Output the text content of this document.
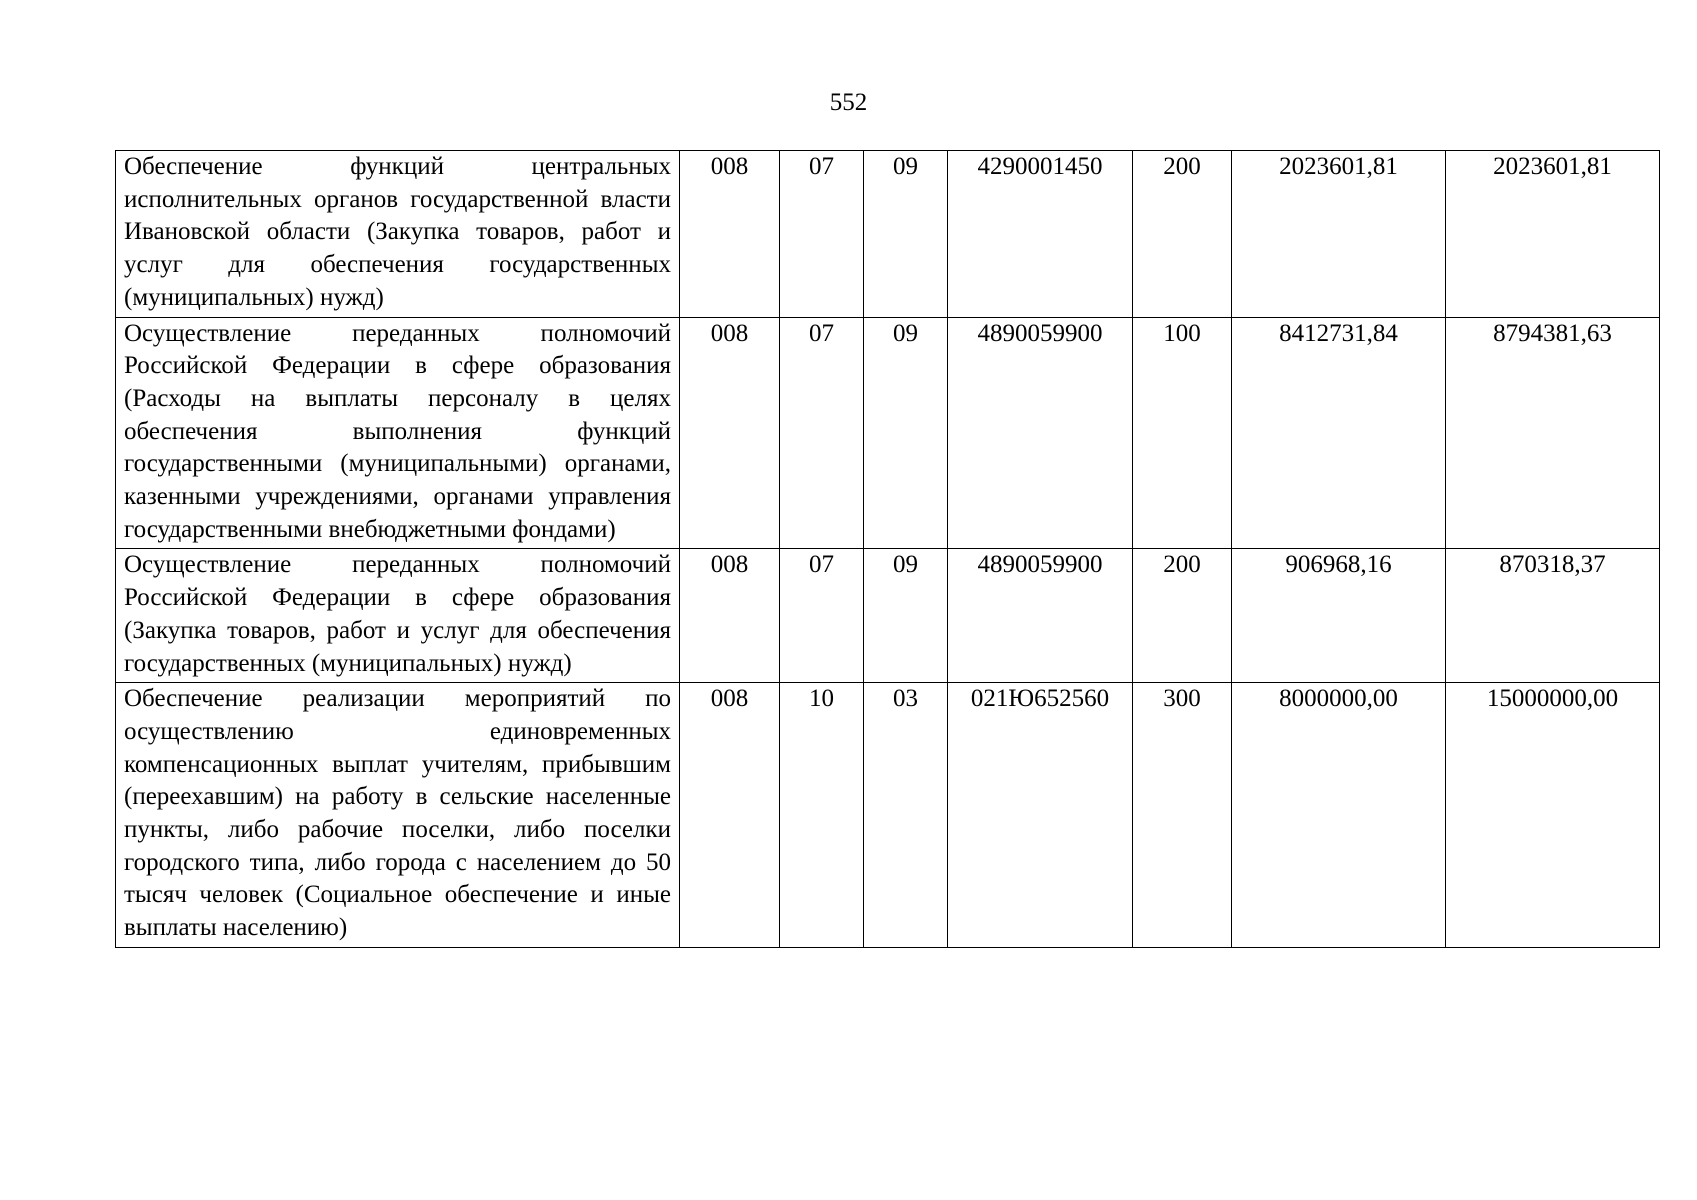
552
Обеспечение функций центральных исполнительных органов государственной власти Ивановской области (Закупка товаров, работ и услуг для обеспечения государственных (муниципальных) нужд)	008	07	09	4290001450	200	2023601,81	2023601,81
Осуществление переданных полномочий Российской Федерации в сфере образования (Расходы на выплаты персоналу в целях обеспечения выполнения функций государственными (муниципальными) органами, казенными учреждениями, органами управления государственными внебюджетными фондами)	008	07	09	4890059900	100	8412731,84	8794381,63
Осуществление переданных полномочий Российской Федерации в сфере образования (Закупка товаров, работ и услуг для обеспечения государственных (муниципальных) нужд)	008	07	09	4890059900	200	906968,16	870318,37
Обеспечение реализации мероприятий по осуществлению единовременных компенсационных выплат учителям, прибывшим (переехавшим) на работу в сельские населенные пункты, либо рабочие поселки, либо поселки городского типа, либо города с населением до 50 тысяч человек (Социальное обеспечение и иные выплаты населению)	008	10	03	021Ю652560	300	8000000,00	15000000,00
